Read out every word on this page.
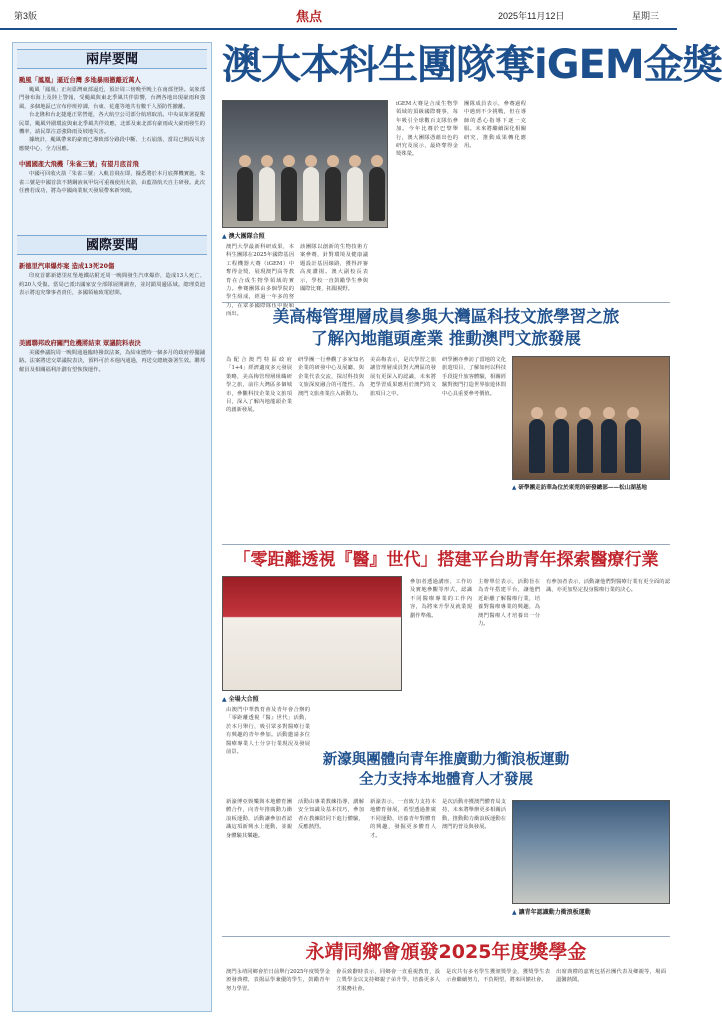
第3版	焦点	2025年11月12日	星期三
兩岸要聞
颱風「鳳凰」逼近台灣 多地暴雨撤離近萬人

颱風「鳳凰」正向臺灣東部逼近，預計周三傍晚至晚上在南部登陸。氣象部門發布海上及陸上警報，受颱風與東北季風共伴影響，台灣各地出現豪雨和強風，多個地區已宣布停班停課，台東、花蓮等地共有數千人預防性撤離。

台北隆和台北捷運正常營運，各大航空公司部分航班取消。中央氣象署提醒民眾，颱風外圍環流與東北季風共伴效應，北部及東北部有豪雨或大豪雨發生的機率，請民眾注意強降雨及坡地災害。

據統計，颱風帶來的豪雨已導致部分路段中斷、土石崩落，當局已開設災害應變中心，全力因應。

中國國產大飛機「朱雀三號」有望月底首飛

中國可回收火箭「朱雀三號」入軌首飛在即，據悉將於本月底擇機實施。朱雀三號是中國首款不銹鋼液氧甲烷可重複使用火箭，由藍箭航天自主研發。此次任務若成功，將為中國商業航天發展帶來新突破。

國際要聞
新德里汽車爆炸案 造成13死20傷

印度首都新德里紅堡地鐵站附近周一晚間發生汽車爆炸，造成13人死亡、約20人受傷。當局已派出國家安全部隊展開調查，並封鎖周邊區域。總理莫迪表示將追究肇事者責任，多國領袖致電慰問。

美國聯邦政府關門危機將結束 眾議院料表決

美國參議院周一晚間通過臨時撥款法案，為結束歷時一個多月的政府停擺鋪路。法案將送交眾議院表決，預料可於本週內通過，再送交總統簽署生效。聯邦僱員及相關福利計劃有望恢復運作。

澳大本科生團隊奪iGEM金獎
▲ 澳大團隊合照
澳門大學最新科研成果，本科生團隊在2025年國際基因工程機器大賽（iGEM）中奪得金獎，展現澳門高等教育在合成生物學領域的實力。參賽團隊由多個學院的學生組成，經過一年多的努力，在眾多國際隊伍中脫穎而出。
該團隊以創新的生物技術方案參賽，針對環境及健康議題設計基因線路，獲得評審高度讚揚。澳大副校長表示，學校一直鼓勵學生參與國際比賽，拓闊視野。
iGEM大賽是合成生物學領域的頂級國際賽事，每年吸引全球數百支隊伍參加。今年比賽於巴黎舉行，澳大團隊憑藉出色的研究及展示，最終奪得金獎殊榮。
團隊成員表示，參賽過程中遇到不少挑戰，但在導師的悉心指導下逐一克服。未來將繼續深化相關研究，推動成果轉化應用。
美高梅管理層成員參與大灣區科技文旅學習之旅
了解內地龍頭產業 推動澳門文旅發展
為配合澳門特區政府「1+4」經濟適度多元發展策略，美高梅管理層組織研學之旅，前往大灣區多個城市，參觀科技企業及文旅項目，深入了解內地龍頭企業的創新發展。
研學團一行參觀了多家知名企業的研發中心及展廳，與企業代表交流，探討科技與文旅深度融合的可能性，為澳門文旅產業注入新動力。
美高梅表示，是次學習之旅讓管理層成員對大灣區的發展有更深入的認識，未來將把學習成果應用於澳門的文旅項目之中。
研學團亦參訪了當地的文化旅遊項目，了解如何以科技手段提升旅客體驗，相關經驗對澳門打造世界旅遊休閒中心具重要參考價值。
▲ 研學團走訪華為位於東莞的研發總部——松山湖基地
「零距離透視『醫』世代」搭建平台助青年探索醫療行業
▲ 全場大合照
由澳門中華教育會及青年會合辦的「零距離透視『醫』世代」活動，於本月舉行，吸引眾多對醫療行業有興趣的青年參加。活動邀請多位醫療專業人士分享行業現況及發展前景。
參加者透過講座、工作坊及實地參觀等形式，認識不同醫療專業的工作內容，為將來升學及就業規劃作準備。
主辦單位表示，活動旨在為青年搭建平台，讓他們近距離了解醫療行業，培養對醫療專業的興趣，為澳門醫療人才培養出一分力。
有參加者表示，活動讓他們對醫療行業有更全面的認識，亦更加堅定投身醫療行業的決心。
新濠與團體向青年推廣動力衝浪板運動
全力支持本地體育人才發展
新濠博亞娛樂與本地體育團體合作，向青年推廣動力衝浪板運動，活動讓參加者認識這項新興水上運動，並親身體驗其樂趣。
活動由專業教練指導，講解安全知識及基本技巧，參加者在教練陪同下進行體驗，反應熱烈。
新濠表示，一直致力支持本地體育發展，希望透過推廣不同運動，培養青年對體育的興趣，發掘更多體育人才。
是次活動亦獲澳門體育局支持，未來將舉辦更多相關活動，推動動力衝浪板運動在澳門的普及與發展。
▲ 讓青年認識動力衝浪板運動
永靖同鄉會頒發2025年度獎學金
澳門永靖同鄉會於日前舉行2025年度獎學金頒發典禮，表揚品學兼優的學生，鼓勵青年努力學習。
會長致辭時表示，同鄉會一直重視教育，設立獎學金以支持鄉親子弟升學，培養更多人才服務社會。
是次共有多名學生獲頒獎學金，獲獎學生表示會繼續努力，不負期望，將來回饋社會。
出席典禮的嘉賓包括社團代表及鄉親等，場面溫馨熱鬧。
